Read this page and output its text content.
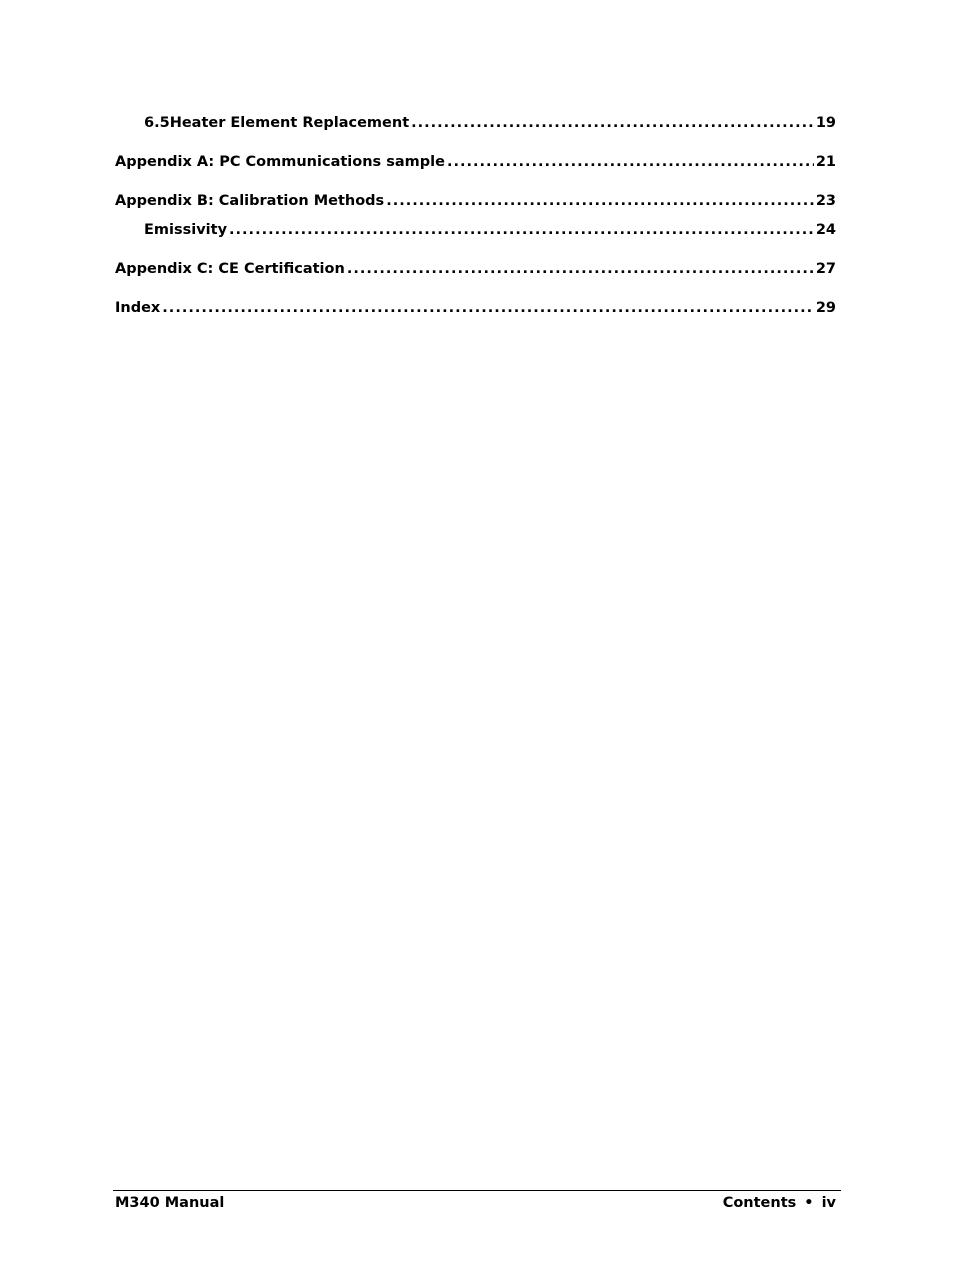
6.5 Heater Element Replacement .....	19
Appendix A: PC Communications sample .....	21
Appendix B: Calibration Methods .....	23
Emissivity .....	24
Appendix C: CE Certification .....	27
Index .....	29
M340 Manual	Contents • iv
